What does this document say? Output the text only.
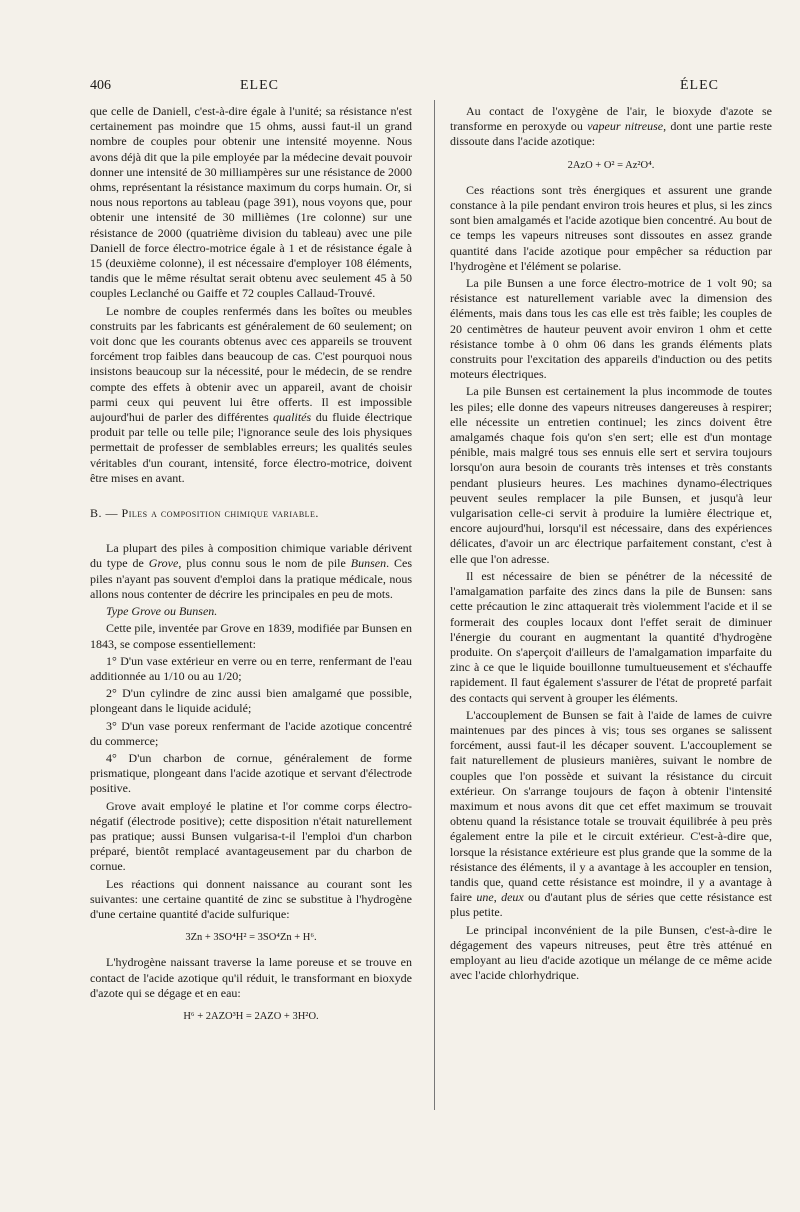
406	ELEC	ÉLEC

que celle de Daniell, c'est-à-dire égale à l'unité; sa résistance n'est certainement pas moindre que 15 ohms, aussi faut-il un grand nombre de couples pour obtenir une intensité moyenne. Nous avons déjà dit que la pile employée par la médecine devait pouvoir donner une intensité de 30 milliampères sur une résistance de 2000 ohms, représentant la résistance maximum du corps humain. Or, si nous nous reportons au tableau (page 391), nous voyons que, pour obtenir une intensité de 30 millièmes (1re colonne) sur une résistance de 2000 (quatrième division du tableau) avec une pile Daniell de force électro-motrice égale à 1 et de résistance égale à 15 (deuxième colonne), il est nécessaire d'employer 108 éléments, tandis que le même résultat serait obtenu avec seulement 45 à 50 couples Leclanché ou Gaiffe et 72 couples Callaud-Trouvé.

Le nombre de couples renfermés dans les boîtes ou meubles construits par les fabricants est généralement de 60 seulement; on voit donc que les courants obtenus avec ces appareils se trouvent forcément trop faibles dans beaucoup de cas. C'est pourquoi nous insistons beaucoup sur la nécessité, pour le médecin, de se rendre compte des effets à obtenir avec un appareil, avant de choisir parmi ceux qui peuvent lui être offerts. Il est impossible aujourd'hui de parler des différentes qualités du fluide électrique produit par telle ou telle pile; l'ignorance seule des lois physiques permettait de professer de semblables erreurs; les qualités seules véritables d'un courant, intensité, force électro-motrice, doivent être mises en avant.

B. — Piles a composition chimique variable.

La plupart des piles à composition chimique variable dérivent du type de Grove, plus connu sous le nom de pile Bunsen. Ces piles n'ayant pas souvent d'emploi dans la pratique médicale, nous allons nous contenter de décrire les principales en peu de mots.

Type Grove ou Bunsen.

Cette pile, inventée par Grove en 1839, modifiée par Bunsen en 1843, se compose essentiellement:

1° D'un vase extérieur en verre ou en terre, renfermant de l'eau additionnée au 1/10 ou au 1/20;

2° D'un cylindre de zinc aussi bien amalgamé que possible, plongeant dans le liquide acidulé;

3° D'un vase poreux renfermant de l'acide azotique concentré du commerce;

4° D'un charbon de cornue, généralement de forme prismatique, plongeant dans l'acide azotique et servant d'électrode positive.

Grove avait employé le platine et l'or comme corps électro-négatif (électrode positive); cette disposition n'était naturellement pas pratique; aussi Bunsen vulgarisa-t-il l'emploi d'un charbon préparé, bientôt remplacé avantageusement par du charbon de cornue.

Les réactions qui donnent naissance au courant sont les suivantes: une certaine quantité de zinc se substitue à l'hydrogène d'une certaine quantité d'acide sulfurique:

3Zn + 3SO⁴H² = 3SO⁴Zn + H⁶.

L'hydrogène naissant traverse la lame poreuse et se trouve en contact de l'acide azotique qu'il réduit, le transformant en bioxyde d'azote qui se dégage et en eau:

H⁶ + 2AZO³H = 2AZO + 3H²O.

Au contact de l'oxygène de l'air, le bioxyde d'azote se transforme en peroxyde ou vapeur nitreuse, dont une partie reste dissoute dans l'acide azotique:

2AzO + O² = Az²O⁴.

Ces réactions sont très énergiques et assurent une grande constance à la pile pendant environ trois heures et plus, si les zincs sont bien amalgamés et l'acide azotique bien concentré. Au bout de ce temps les vapeurs nitreuses sont dissoutes en assez grande quantité dans l'acide azotique pour empêcher sa réduction par l'hydrogène et l'élément se polarise.

La pile Bunsen a une force électro-motrice de 1 volt 90; sa résistance est naturellement variable avec la dimension des éléments, mais dans tous les cas elle est très faible; les couples de 20 centimètres de hauteur peuvent avoir environ 1 ohm et cette résistance tombe à 0 ohm 06 dans les grands éléments plats construits pour l'excitation des appareils d'induction ou des petits moteurs électriques.

La pile Bunsen est certainement la plus incommode de toutes les piles; elle donne des vapeurs nitreuses dangereuses à respirer; elle nécessite un entretien continuel; les zincs doivent être amalgamés chaque fois qu'on s'en sert; elle est d'un montage pénible, mais malgré tous ses ennuis elle sert et servira toujours lorsqu'on aura besoin de courants très intenses et très constants pendant plusieurs heures. Les machines dynamo-électriques peuvent seules remplacer la pile Bunsen, et jusqu'à leur vulgarisation celle-ci servit à produire la lumière électrique et, encore aujourd'hui, lorsqu'il est nécessaire, dans des expériences délicates, d'avoir un arc électrique parfaitement constant, c'est à elle que l'on adresse.

Il est nécessaire de bien se pénétrer de la nécessité de l'amalgamation parfaite des zincs dans la pile de Bunsen: sans cette précaution le zinc attaquerait très violemment l'acide et il se formerait des couples locaux dont l'effet serait de diminuer l'énergie du courant en augmentant la quantité d'hydrogène produite. On s'aperçoit d'ailleurs de l'amalgamation imparfaite du zinc à ce que le liquide bouillonne tumultueusement et s'échauffe rapidement. Il faut également s'assurer de l'état de propreté parfait des contacts qui servent à grouper les éléments.

L'accouplement de Bunsen se fait à l'aide de lames de cuivre maintenues par des pinces à vis; tous ses organes se salissent forcément, aussi faut-il les décaper souvent. L'accouplement se fait naturellement de plusieurs manières, suivant le nombre de couples que l'on possède et suivant la résistance du circuit extérieur. On s'arrange toujours de façon à obtenir l'intensité maximum et nous avons dit que cet effet maximum se trouvait obtenu quand la résistance totale se trouvait équilibrée à peu près également entre la pile et le circuit extérieur. C'est-à-dire que, lorsque la résistance extérieure est plus grande que la somme de la résistance des éléments, il y a avantage à les accoupler en tension, tandis que, quand cette résistance est moindre, il y a avantage à faire une, deux ou d'autant plus de séries que cette résistance est plus petite.

Le principal inconvénient de la pile Bunsen, c'est-à-dire le dégagement des vapeurs nitreuses, peut être très atténué en employant au lieu d'acide azotique un mélange de ce même acide avec l'acide chlorhydrique.
